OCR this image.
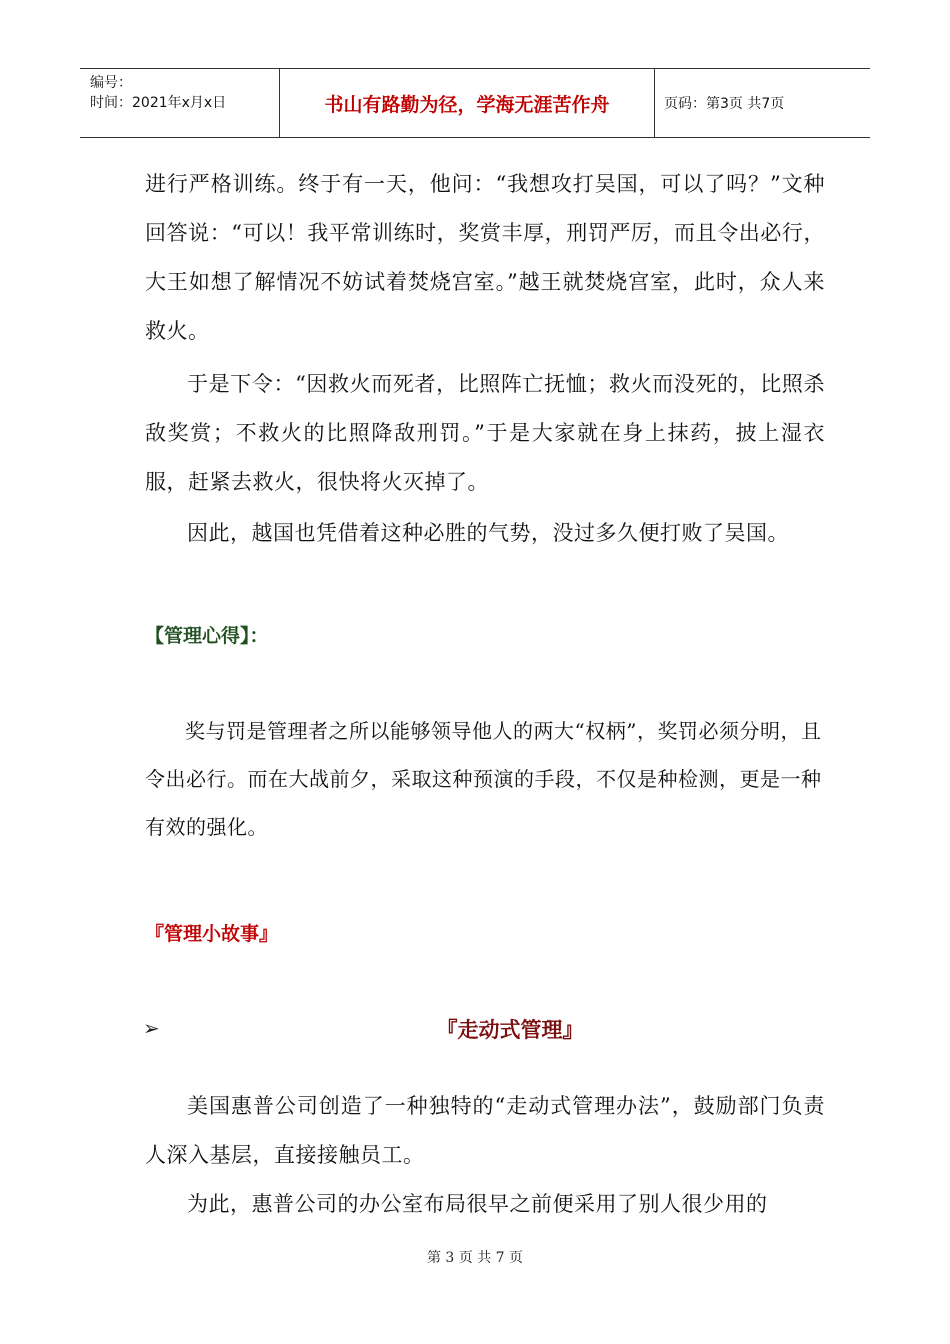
编号：
时间：2021年x月x日	书山有路勤为径，学海无涯苦作舟	页码：第3页 共7页

进行严格训练。终于有一天，他问：“我想攻打吴国，可以了吗？”文种回答说：“可以！我平常训练时，奖赏丰厚，刑罚严厉，而且令出必行，大王如想了解情况不妨试着焚烧宫室。”越王就焚烧宫室，此时，众人来救火。

于是下令：“因救火而死者，比照阵亡抚恤；救火而没死的，比照杀敌奖赏；不救火的比照降敌刑罚。”于是大家就在身上抹药，披上湿衣服，赶紧去救火，很快将火灭掉了。

因此，越国也凭借着这种必胜的气势，没过多久便打败了吴国。

【管理心得】：

奖与罚是管理者之所以能够领导他人的两大“权柄”，奖罚必须分明，且令出必行。而在大战前夕，采取这种预演的手段，不仅是种检测，更是一种有效的强化。

『管理小故事』

➢	『走动式管理』

美国惠普公司创造了一种独特的“走动式管理办法”，鼓励部门负责人深入基层，直接接触员工。

为此，惠普公司的办公室布局很早之前便采用了别人很少用的

第 3 页 共 7 页
